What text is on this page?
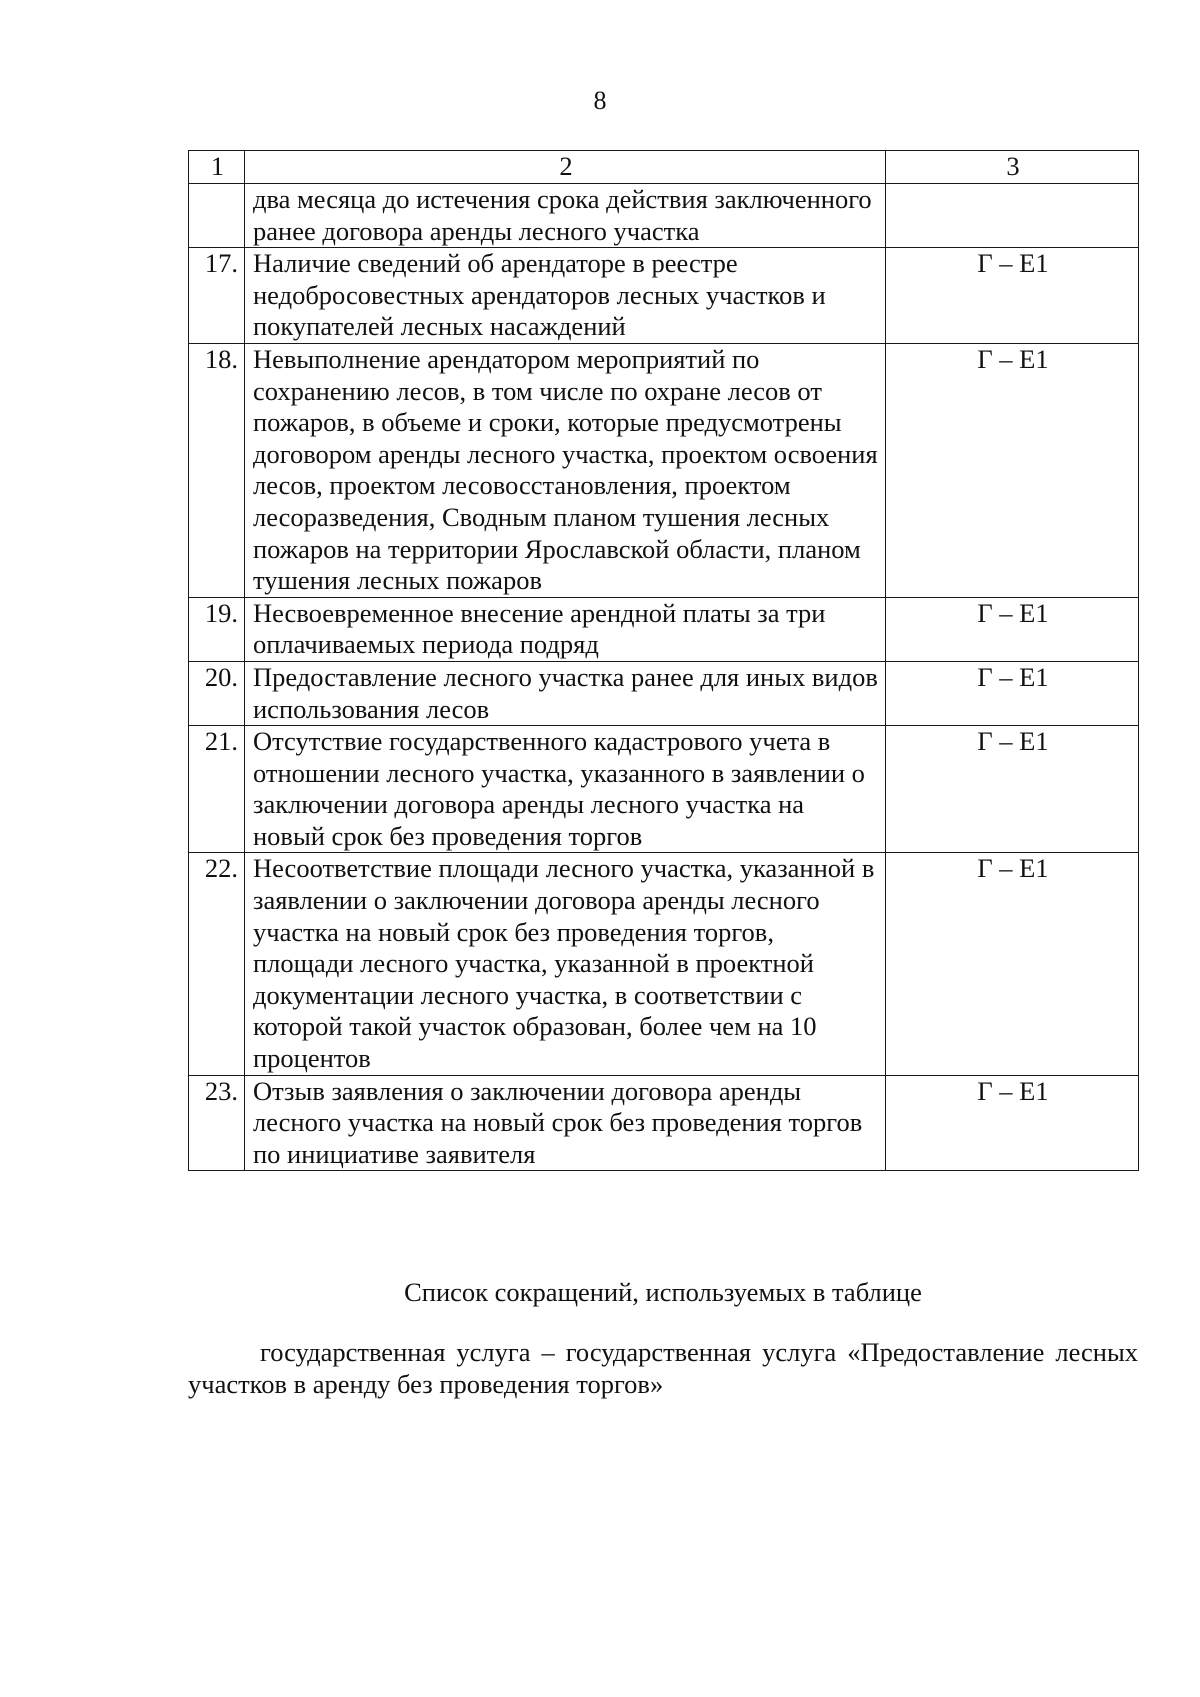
8
1	2	3
	два месяца до истечения срока действия заключенного ранее договора аренды лесного участка	
17.	Наличие сведений об арендаторе в реестре недобросовестных арендаторов лесных участков и покупателей лесных насаждений	Г – Е1
18.	Невыполнение арендатором мероприятий по сохранению лесов, в том числе по охране лесов от пожаров, в объеме и сроки, которые предусмотрены договором аренды лесного участка, проектом освоения лесов, проектом лесовосстановления, проектом лесоразведения, Сводным планом тушения лесных пожаров на территории Ярославской области, планом тушения лесных пожаров	Г – Е1
19.	Несвоевременное внесение арендной платы за три оплачиваемых периода подряд	Г – Е1
20.	Предоставление лесного участка ранее для иных видов использования лесов	Г – Е1
21.	Отсутствие государственного кадастрового учета в отношении лесного участка, указанного в заявлении о заключении договора аренды лесного участка на новый срок без проведения торгов	Г – Е1
22.	Несоответствие площади лесного участка, указанной в заявлении о заключении договора аренды лесного участка на новый срок без проведения торгов, площади лесного участка, указанной в проектной документации лесного участка, в соответствии с которой такой участок образован, более чем на 10 процентов	Г – Е1
23.	Отзыв заявления о заключении договора аренды лесного участка на новый срок без проведения торгов по инициативе заявителя	Г – Е1
Список сокращений, используемых в таблице

государственная услуга – государственная услуга «Предоставление лесных участков в аренду без проведения торгов»
